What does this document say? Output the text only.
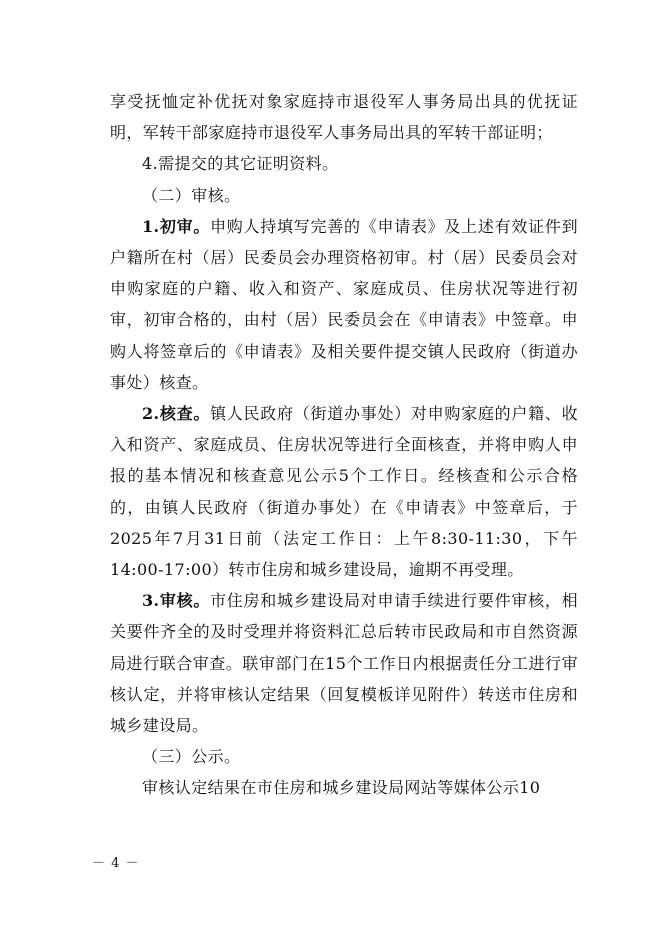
享受抚恤定补优抚对象家庭持市退役军人事务局出具的优抚证明，军转干部家庭持市退役军人事务局出具的军转干部证明；

4.需提交的其它证明资料。

（二）审核。

1.初审。申购人持填写完善的《申请表》及上述有效证件到户籍所在村（居）民委员会办理资格初审。村（居）民委员会对申购家庭的户籍、收入和资产、家庭成员、住房状况等进行初审，初审合格的，由村（居）民委员会在《申请表》中签章。申购人将签章后的《申请表》及相关要件提交镇人民政府（街道办事处）核查。

2.核查。镇人民政府（街道办事处）对申购家庭的户籍、收入和资产、家庭成员、住房状况等进行全面核查，并将申购人申报的基本情况和核查意见公示5个工作日。经核查和公示合格的，由镇人民政府（街道办事处）在《申请表》中签章后，于2025年7月31日前（法定工作日：上午8:30-11:30，下午14:00-17:00）转市住房和城乡建设局，逾期不再受理。

3.审核。市住房和城乡建设局对申请手续进行要件审核，相关要件齐全的及时受理并将资料汇总后转市民政局和市自然资源局进行联合审查。联审部门在15个工作日内根据责任分工进行审核认定，并将审核认定结果（回复模板详见附件）转送市住房和城乡建设局。

（三）公示。

审核认定结果在市住房和城乡建设局网站等媒体公示10

－ 4 －
